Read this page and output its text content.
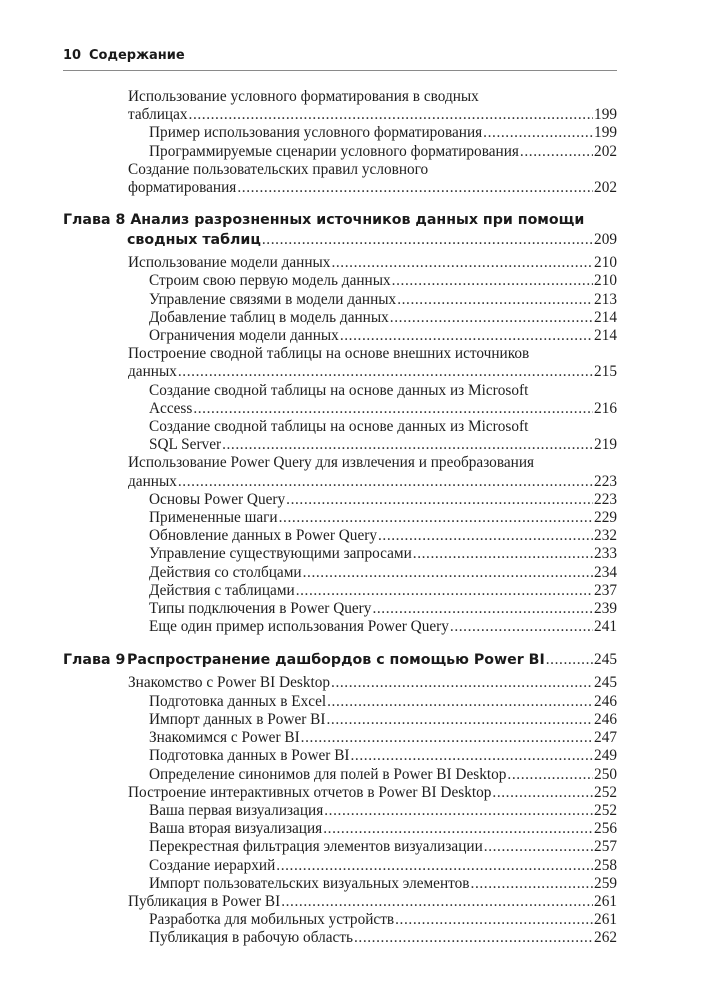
10 Содержание
Использование условного форматирования в сводных
таблицах .....	199
Пример использования условного форматирования .....	199
Программируемые сценарии условного форматирования .....	202
Создание пользовательских правил условного
форматирования .....	202
Глава 8
Анализ разрозненных источников данных при помощи
сводных таблиц .....	209
Использование модели данных .....	210
Строим свою первую модель данных .....	210
Управление связями в модели данных .....	213
Добавление таблиц в модель данных .....	214
Ограничения модели данных .....	214
Построение сводной таблицы на основе внешних источников
данных .....	215
Создание сводной таблицы на основе данных из Microsoft
Access .....	216
Создание сводной таблицы на основе данных из Microsoft
SQL Server .....	219
Использование Power Query для извлечения и преобразования
данных .....	223
Основы Power Query .....	223
Примененные шаги .....	229
Обновление данных в Power Query .....	232
Управление существующими запросами .....	233
Действия со столбцами .....	234
Действия с таблицами .....	237
Типы подключения в Power Query .....	239
Еще один пример использования Power Query .....	241
Глава 9 Распространение дашбордов с помощью Power BI .....	245
Знакомство с Power BI Desktop .....	245
Подготовка данных в Excel .....	246
Импорт данных в Power BI .....	246
Знакомимся с Power BI .....	247
Подготовка данных в Power BI .....	249
Определение синонимов для полей в Power BI Desktop .....	250
Построение интерактивных отчетов в Power BI Desktop .....	252
Ваша первая визуализация .....	252
Ваша вторая визуализация .....	256
Перекрестная фильтрация элементов визуализации .....	257
Создание иерархий .....	258
Импорт пользовательских визуальных элементов .....	259
Публикация в Power BI .....	261
Разработка для мобильных устройств .....	261
Публикация в рабочую область .....	262
